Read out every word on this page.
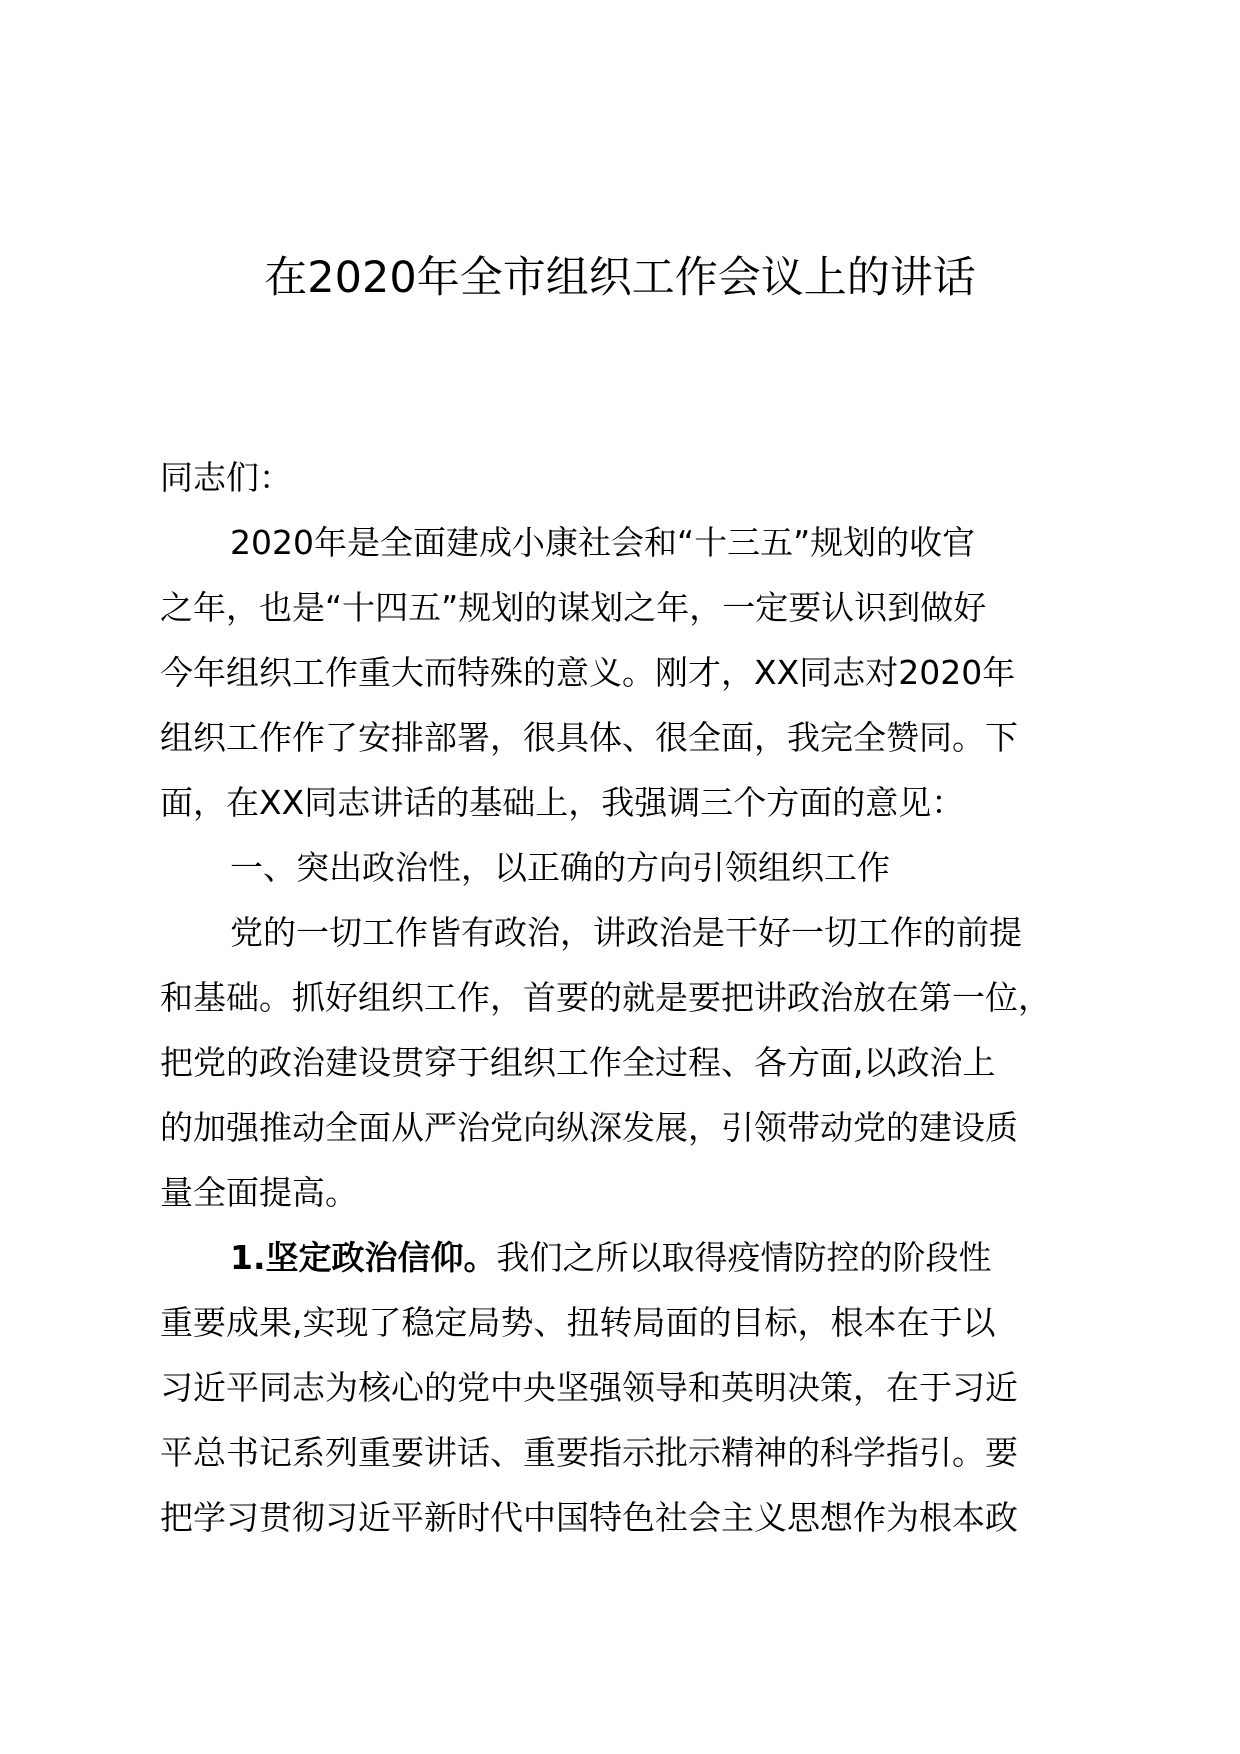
在2020年全市组织工作会议上的讲话
同志们：
2020年是全面建成小康社会和“十三五”规划的收官
之年，也是“十四五”规划的谋划之年，一定要认识到做好
今年组织工作重大而特殊的意义。刚才，XX同志对2020年
组织工作作了安排部署，很具体、很全面，我完全赞同。下
面，在XX同志讲话的基础上，我强调三个方面的意见：
一、突出政治性，以正确的方向引领组织工作
党的一切工作皆有政治，讲政治是干好一切工作的前提
和基础。抓好组织工作，首要的就是要把讲政治放在第一位，
把党的政治建设贯穿于组织工作全过程、各方面,以政治上
的加强推动全面从严治党向纵深发展，引领带动党的建设质
量全面提高。
1.坚定政治信仰。我们之所以取得疫情防控的阶段性
重要成果,实现了稳定局势、扭转局面的目标，根本在于以
习近平同志为核心的党中央坚强领导和英明决策，在于习近
平总书记系列重要讲话、重要指示批示精神的科学指引。要
把学习贯彻习近平新时代中国特色社会主义思想作为根本政
